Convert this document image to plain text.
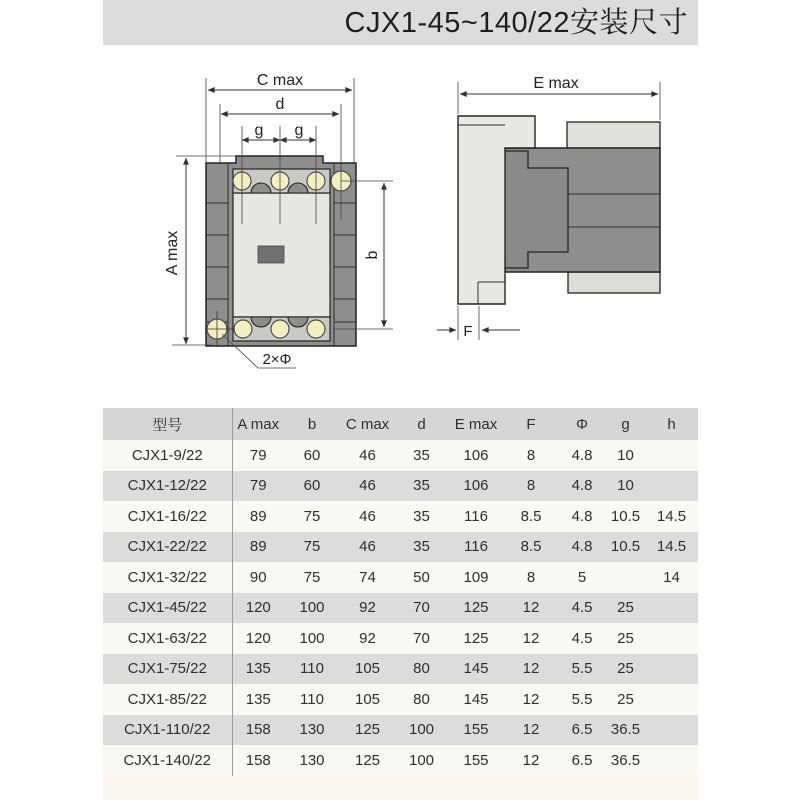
CJX1-45~140/22安装尺寸
C max
d
g g
A max	b
2×Φ
E max
F
型号	A max	b	C max	d	E max	F	Φ	g	h
CJX1-9/22	79	60	46	35	106	8	4.8	10	
CJX1-12/22	79	60	46	35	106	8	4.8	10	
CJX1-16/22	89	75	46	35	116	8.5	4.8	10.5	14.5
CJX1-22/22	89	75	46	35	116	8.5	4.8	10.5	14.5
CJX1-32/22	90	75	74	50	109	8	5		14
CJX1-45/22	120	100	92	70	125	12	4.5	25	
CJX1-63/22	120	100	92	70	125	12	4.5	25	
CJX1-75/22	135	110	105	80	145	12	5.5	25	
CJX1-85/22	135	110	105	80	145	12	5.5	25	
CJX1-110/22	158	130	125	100	155	12	6.5	36.5	
CJX1-140/22	158	130	125	100	155	12	6.5	36.5	
